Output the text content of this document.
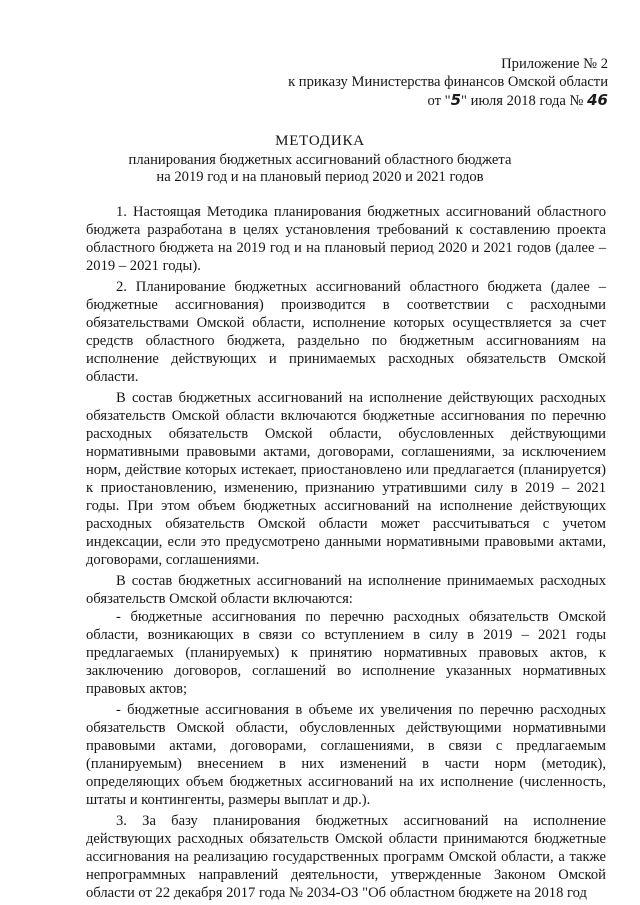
Приложение № 2
к приказу Министерства финансов Омской области
от "5" июля 2018 года № 46
МЕТОДИКА
планирования бюджетных ассигнований областного бюджета
на 2019 год и на плановый период 2020 и 2021 годов

1. Настоящая Методика планирования бюджетных ассигнований областного бюджета разработана в целях установления требований к составлению проекта областного бюджета на 2019 год и на плановый период 2020 и 2021 годов (далее – 2019 – 2021 годы).

2. Планирование бюджетных ассигнований областного бюджета (далее – бюджетные ассигнования) производится в соответствии с расходными обязательствами Омской области, исполнение которых осуществляется за счет средств областного бюджета, раздельно по бюджетным ассигнованиям на исполнение действующих и принимаемых расходных обязательств Омской области.

В состав бюджетных ассигнований на исполнение действующих расходных обязательств Омской области включаются бюджетные ассигнования по перечню расходных обязательств Омской области, обусловленных действующими нормативными правовыми актами, договорами, соглашениями, за исключением норм, действие которых истекает, приостановлено или предлагается (планируется) к приостановлению, изменению, признанию утратившими силу в 2019 – 2021 годы. При этом объем бюджетных ассигнований на исполнение действующих расходных обязательств Омской области может рассчитываться с учетом индексации, если это предусмотрено данными нормативными правовыми актами, договорами, соглашениями.

В состав бюджетных ассигнований на исполнение принимаемых расходных обязательств Омской области включаются:

- бюджетные ассигнования по перечню расходных обязательств Омской области, возникающих в связи со вступлением в силу в 2019 – 2021 годы предлагаемых (планируемых) к принятию нормативных правовых актов, к заключению договоров, соглашений во исполнение указанных нормативных правовых актов;

- бюджетные ассигнования в объеме их увеличения по перечню расходных обязательств Омской области, обусловленных действующими нормативными правовыми актами, договорами, соглашениями, в связи с предлагаемым (планируемым) внесением в них изменений в части норм (методик), определяющих объем бюджетных ассигнований на их исполнение (численность, штаты и контингенты, размеры выплат и др.).

3. За базу планирования бюджетных ассигнований на исполнение действующих расходных обязательств Омской области принимаются бюджетные ассигнования на реализацию государственных программ Омской области, а также непрограммных направлений деятельности, утвержденные Законом Омской области от 22 декабря 2017 года № 2034-ОЗ "Об областном бюджете на 2018 год
